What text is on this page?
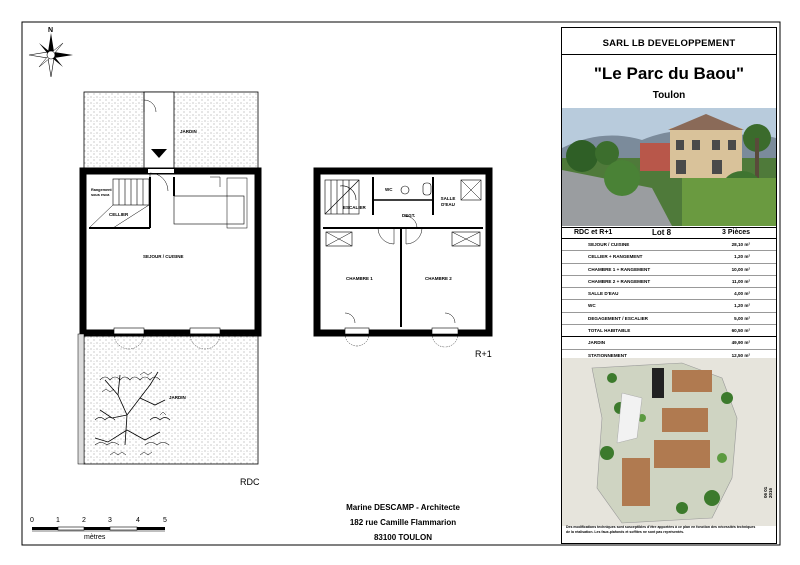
N
JARDIN
Rangement sous esca
CELLIER
SEJOUR / CUISINE
JARDIN
RDC
WC
ESCALIER
DEGT.
SALLE D'EAU
CHAMBRE 1	CHAMBRE 2
R+1
0	1	2	3	4	5
mètres
Marine DESCAMP - Architecte
182 rue Camille Flammarion
83100 TOULON
SARL LB DEVELOPPEMENT
"Le Parc du Baou"
Toulon
RDC et R+1	Lot 8	3 Pièces
SEJOUR / CUISINE	28,10 m²
CELLIER + RANGEMENT	1,20 m²
CHAMBRE 1 + RANGEMENT	10,00 m²
CHAMBRE 2 + RANGEMENT	11,00 m²
SALLE D'EAU	4,00 m²
WC	1,20 m²
DEGAGEMENT / ESCALIER	5,00 m²
TOTAL HABITABLE	60,50 m²
JARDIN	49,90 m²
STATIONNEMENT	12,50 m²
Des modifications techniques sont susceptibles d'être apportées à ce plan en fonction des nécessités techniques de la réalisation. Les faux-plafonds et soffites ne sont pas représentés.
06 01 2016
